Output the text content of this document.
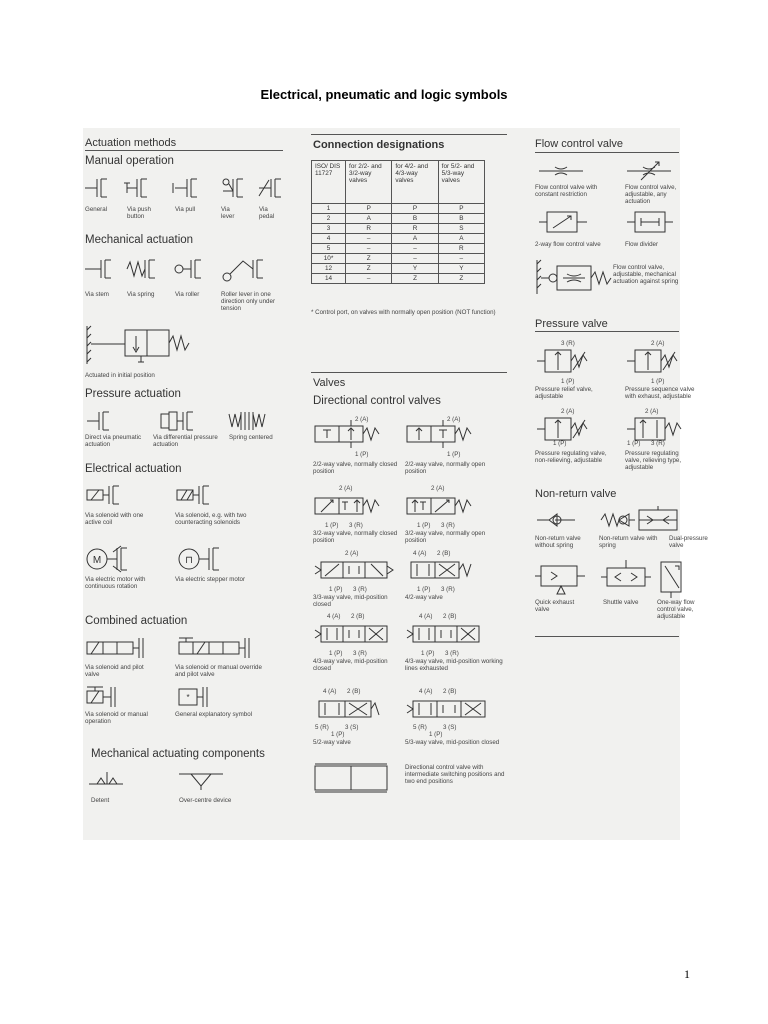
Electrical, pneumatic and logic symbols
Actuation methods
Manual operation
General	Via push button
Via pull	Via lever
Via pedal
Mechanical actuation
Via stem	Via spring	Via roller	Roller lever in one direction only under tension
Actuated in initial position
Pressure actuation
Direct via pneumatic actuation
Via differential pressure actuation
Spring centered
Electrical actuation
Via solenoid with one active coil
Via solenoid, e.g. with two counteracting solenoids
M	⊓
Via electric motor with continuous rotation
Via electric stepper motor
Combined actuation
Via solenoid and pilot valve
Via solenoid or manual override and pilot valve
*
Via solenoid or manual operation
General explanatory symbol
Mechanical actuating components
Detent	Over-centre device
Connection designations
ISO/ DIS 11727	for 2/2- and 3/2-way valves	for 4/2- and 4/3-way valves	for 5/2- and 5/3-way valves
1	P	P	P
2	A	B	B
3	R	R	S
4	–	A	A
5	–	–	R
10*	Z	–	–
12	Z	Y	Y
14	–	Z	Z
* Control port, on valves with normally open position (NOT function)
Valves
Directional control valves
2 (A)
1 (P)
2/2-way valve, normally closed position
2 (A)
1 (P)
2/2-way valve, normally open position
2 (A)
1 (P) 3 (R)
3/2-way valve, normally closed position
2 (A)
1 (P) 3 (R)
3/2-way valve, normally open position
2 (A)
1 (P) 3 (R)
3/3-way valve, mid-position closed
4 (A) 2 (B)
1 (P) 3 (R)
4/2-way valve
4 (A) 2 (B)
1 (P) 3 (R)
4/3-way valve, mid-position closed
4 (A) 2 (B)
1 (P) 3 (R)
4/3-way valve, mid-position working lines exhausted
4 (A) 2 (B)
5 (R)	3 (S)
1 (P)
5/2-way valve
4 (A) 2 (B)
5 (R)	3 (S)
1 (P)
5/3-way valve, mid-position closed
Directional control valve with intermediate switching positions and two end positions
Flow control valve
Flow control valve with constant restriction
Flow control valve, adjustable, any actuation
2-way flow control valve	Flow divider
Flow control valve, adjustable, mechanical actuation against spring
Pressure valve
3 (R)
1 (P)
Pressure relief valve, adjustable
2 (A)
1 (P)
Pressure sequence valve with exhaust, adjustable
2 (A)
1 (P)
Pressure regulating valve, non-relieving, adjustable
2 (A)
1 (P) 3 (R)
Pressure regulating valve, relieving type, adjustable
Non-return valve
Non-return valve without spring
Non-return valve with spring
Dual-pressure valve
Quick exhaust valve
Shuttle valve	One-way flow control valve, adjustable
1
